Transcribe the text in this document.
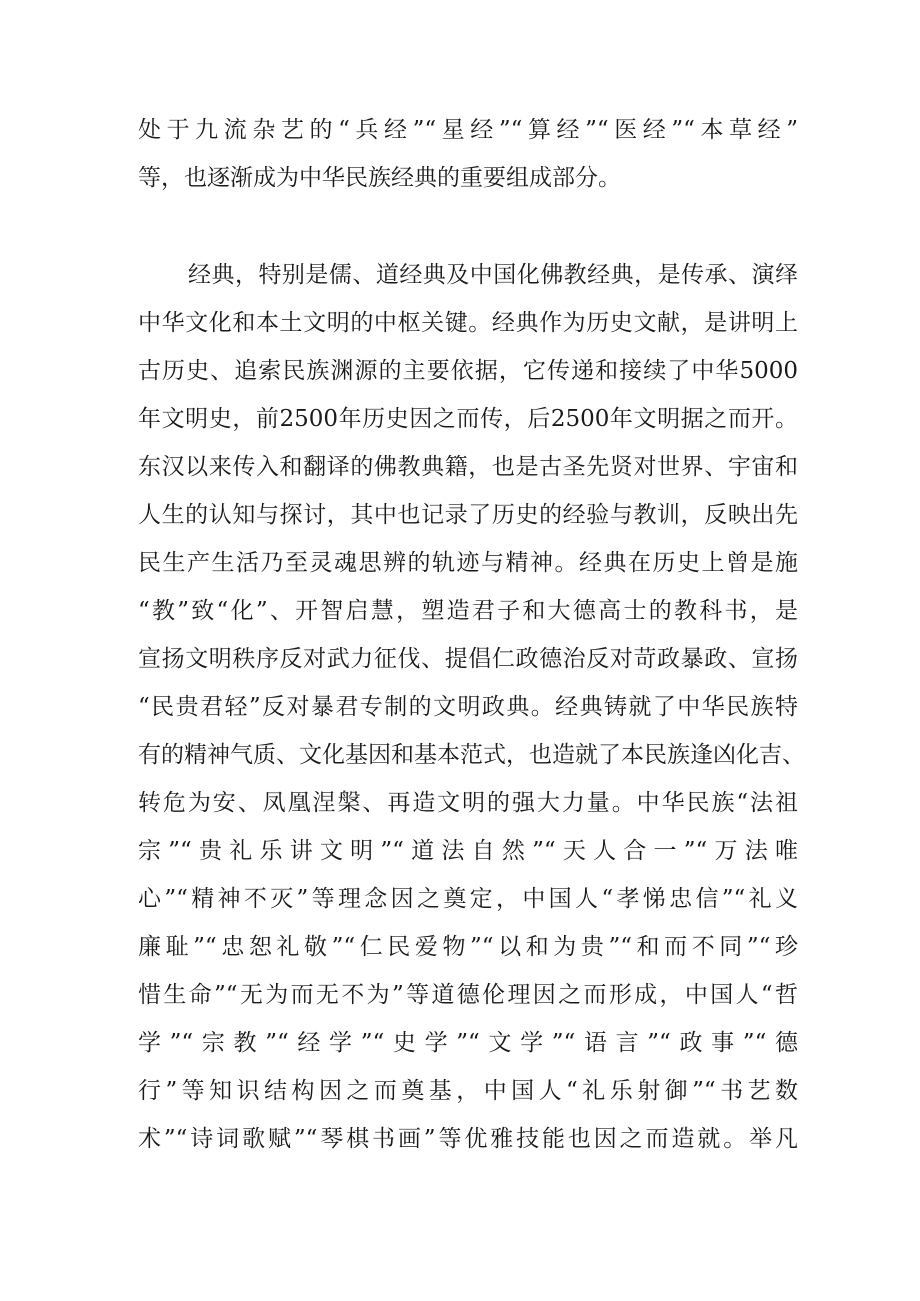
处于九流杂艺的“兵经”“星经”“算经”“医经”“本草经”
等，也逐渐成为中华民族经典的重要组成部分。
经典，特别是儒、道经典及中国化佛教经典，是传承、演绎
中华文化和本土文明的中枢关键。经典作为历史文献，是讲明上
古历史、追索民族渊源的主要依据，它传递和接续了中华5000
年文明史，前2500年历史因之而传，后2500年文明据之而开。
东汉以来传入和翻译的佛教典籍，也是古圣先贤对世界、宇宙和
人生的认知与探讨，其中也记录了历史的经验与教训，反映出先
民生产生活乃至灵魂思辨的轨迹与精神。经典在历史上曾是施
“教”致“化”、开智启慧，塑造君子和大德高士的教科书，是
宣扬文明秩序反对武力征伐、提倡仁政德治反对苛政暴政、宣扬
“民贵君轻”反对暴君专制的文明政典。经典铸就了中华民族特
有的精神气质、文化基因和基本范式，也造就了本民族逢凶化吉、
转危为安、凤凰涅槃、再造文明的强大力量。中华民族“法祖
宗”“贵礼乐讲文明”“道法自然”“天人合一”“万法唯
心”“精神不灭”等理念因之奠定，中国人“孝悌忠信”“礼义
廉耻”“忠恕礼敬”“仁民爱物”“以和为贵”“和而不同”“珍
惜生命”“无为而无不为”等道德伦理因之而形成，中国人“哲
学”“宗教”“经学”“史学”“文学”“语言”“政事”“德
行”等知识结构因之而奠基，中国人“礼乐射御”“书艺数
术”“诗词歌赋”“琴棋书画”等优雅技能也因之而造就。举凡
